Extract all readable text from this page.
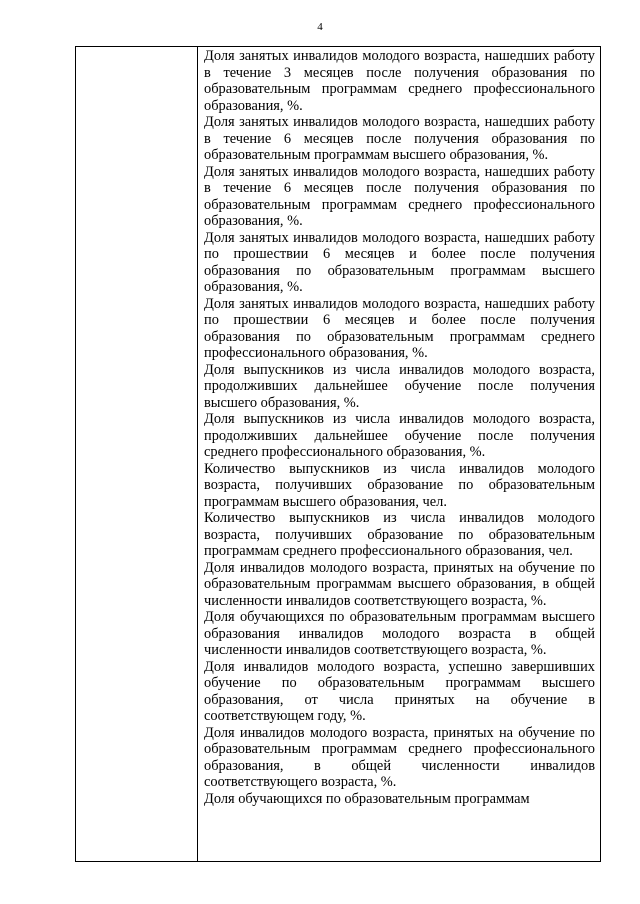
4

Доля занятых инвалидов молодого возраста, нашедших работу в течение 3 месяцев после получения образования по образовательным программам среднего профессионального образования, %.

Доля занятых инвалидов молодого возраста, нашедших работу в течение 6 месяцев после получения образования по образовательным программам высшего образования, %.

Доля занятых инвалидов молодого возраста, нашедших работу в течение 6 месяцев после получения образования по образовательным программам среднего профессионального образования, %.

Доля занятых инвалидов молодого возраста, нашедших работу по прошествии 6 месяцев и более после получения образования по образовательным программам высшего образования, %.

Доля занятых инвалидов молодого возраста, нашедших работу по прошествии 6 месяцев и более после получения образования по образовательным программам среднего профессионального образования, %.

Доля выпускников из числа инвалидов молодого возраста, продолживших дальнейшее обучение после получения высшего образования, %.

Доля выпускников из числа инвалидов молодого возраста, продолживших дальнейшее обучение после получения среднего профессионального образования, %.

Количество выпускников из числа инвалидов молодого возраста, получивших образование по образовательным программам высшего образования, чел.

Количество выпускников из числа инвалидов молодого возраста, получивших образование по образовательным программам среднего профессионального образования, чел.

Доля инвалидов молодого возраста, принятых на обучение по образовательным программам высшего образования, в общей численности инвалидов соответствующего возраста, %.

Доля обучающихся по образовательным программам высшего образования инвалидов молодого возраста в общей численности инвалидов соответствующего возраста, %.

Доля инвалидов молодого возраста, успешно завершивших обучение по образовательным программам высшего образования, от числа принятых на обучение в соответствующем году, %.

Доля инвалидов молодого возраста, принятых на обучение по образовательным программам среднего профессионального образования, в общей численности инвалидов соответствующего возраста, %.

Доля обучающихся по образовательным программам
